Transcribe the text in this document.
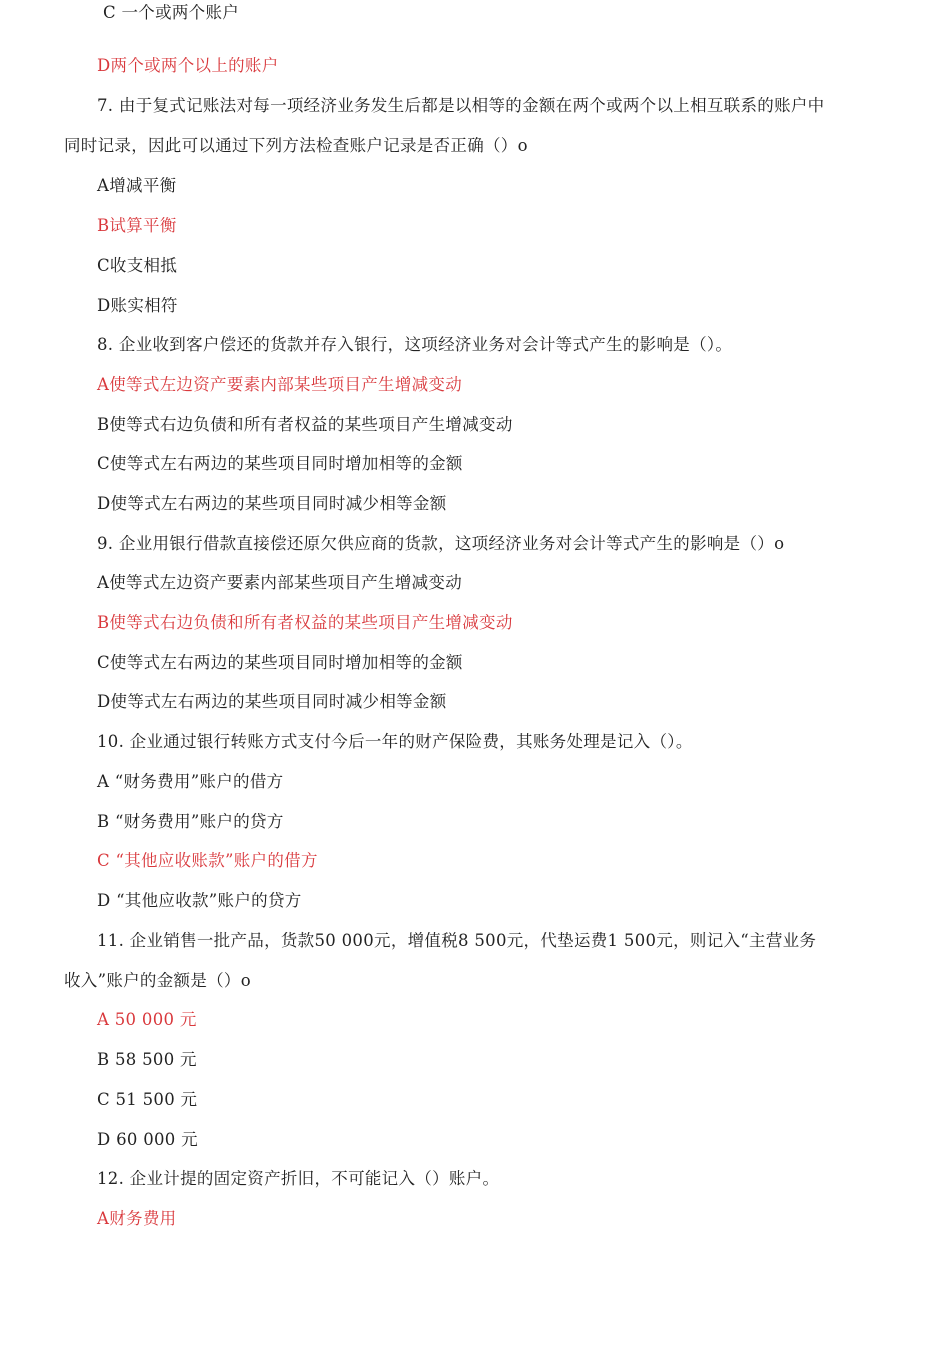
C 一个或两个账户
D两个或两个以上的账户
7. 由于复式记账法对每一项经济业务发生后都是以相等的金额在两个或两个以上相互联系的账户中
同时记录，因此可以通过下列方法检查账户记录是否正确（）o
A增减平衡
B试算平衡
C收支相抵
D账实相符
8. 企业收到客户偿还的货款并存入银行，这项经济业务对会计等式产生的影响是（）。
A使等式左边资产要素内部某些项目产生增减变动
B使等式右边负债和所有者权益的某些项目产生增减变动
C使等式左右两边的某些项目同时增加相等的金额
D使等式左右两边的某些项目同时减少相等金额
9. 企业用银行借款直接偿还原欠供应商的货款，这项经济业务对会计等式产生的影响是（）o
A使等式左边资产要素内部某些项目产生增减变动
B使等式右边负债和所有者权益的某些项目产生增减变动
C使等式左右两边的某些项目同时增加相等的金额
D使等式左右两边的某些项目同时减少相等金额
10. 企业通过银行转账方式支付今后一年的财产保险费，其账务处理是记入（）。
A “财务费用”账户的借方
B “财务费用”账户的贷方
C “其他应收账款”账户的借方
D “其他应收款”账户的贷方
11. 企业销售一批产品，货款50 000元，增值税8 500元，代垫运费1 500元，则记入“主营业务
收入”账户的金额是（）o
A 50 000 元
B 58 500 元
C 51 500 元
D 60 000 元
12. 企业计提的固定资产折旧，不可能记入（）账户。
A财务费用
